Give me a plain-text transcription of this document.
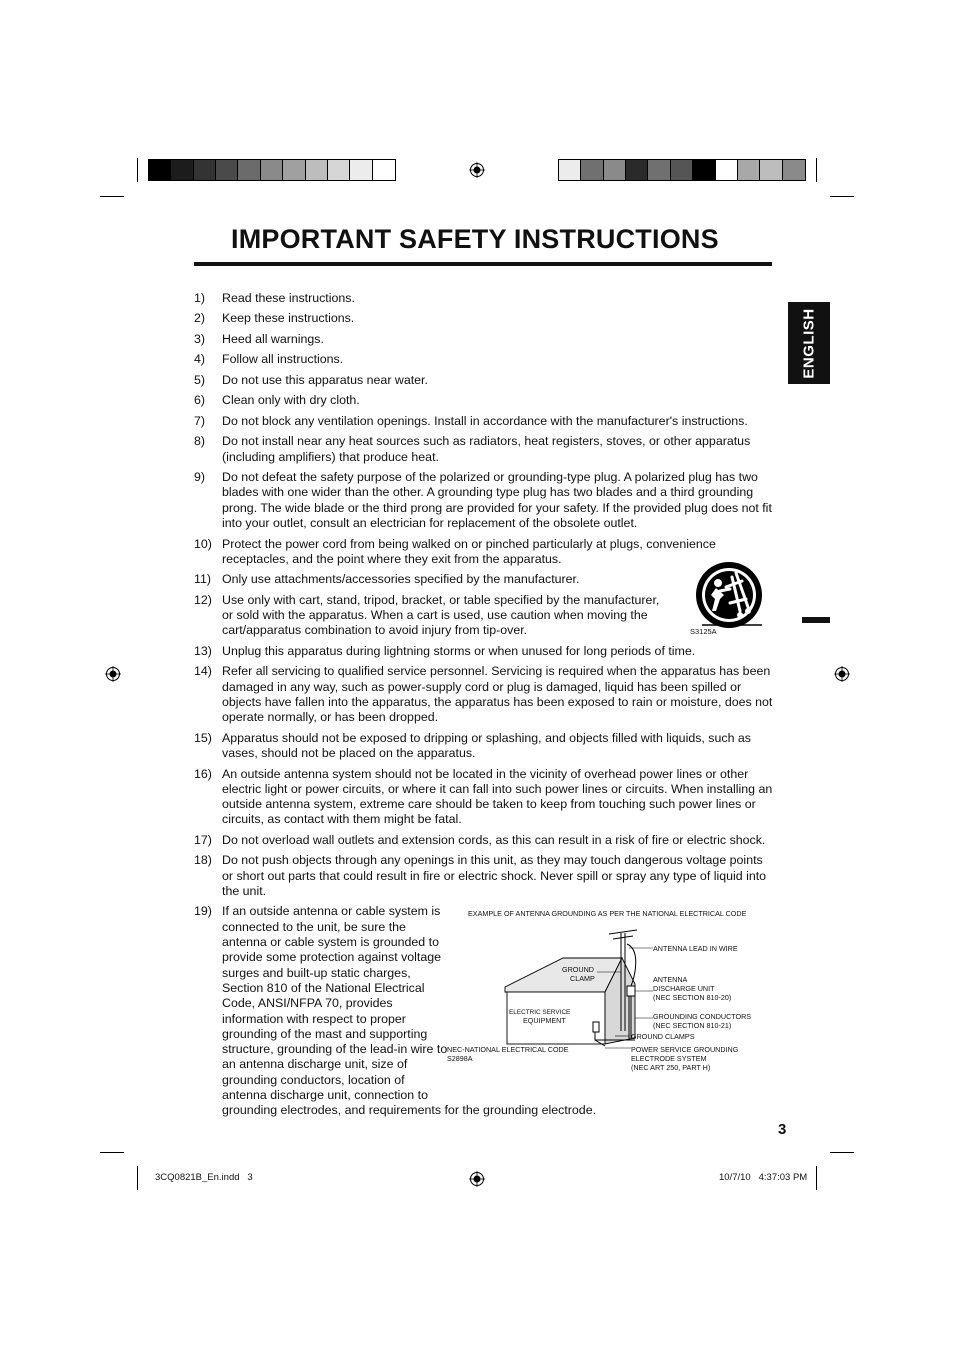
IMPORTANT SAFETY INSTRUCTIONS
ENGLISH
1)	Read these instructions.
2)	Keep these instructions.
3)	Heed all warnings.
4)	Follow all instructions.
5)	Do not use this apparatus near water.
6)	Clean only with dry cloth.
7)	Do not block any ventilation openings. Install in accordance with the manufacturer's instructions.
8)	Do not install near any heat sources such as radiators, heat registers, stoves, or other apparatus (including amplifiers) that produce heat.
9)	Do not defeat the safety purpose of the polarized or grounding-type plug. A polarized plug has two blades with one wider than the other. A grounding type plug has two blades and a third grounding prong. The wide blade or the third prong are provided for your safety. If the provided plug does not fit into your outlet, consult an electrician for replacement of the obsolete outlet.
10) Protect the power cord from being walked on or pinched particularly at plugs, convenience receptacles, and the point where they exit from the apparatus.
11) Only use attachments/accessories specified by the manufacturer.
12) Use only with cart, stand, tripod, bracket, or table specified by the manufacturer, or sold with the apparatus. When a cart is used, use caution when moving the cart/apparatus combination to avoid injury from tip-over.
13) Unplug this apparatus during lightning storms or when unused for long periods of time.
14) Refer all servicing to qualified service personnel. Servicing is required when the apparatus has been damaged in any way, such as power-supply cord or plug is damaged, liquid has been spilled or objects have fallen into the apparatus, the apparatus has been exposed to rain or moisture, does not operate normally, or has been dropped.
15) Apparatus should not be exposed to dripping or splashing, and objects filled with liquids, such as vases, should not be placed on the apparatus.
16) An outside antenna system should not be located in the vicinity of overhead power lines or other electric light or power circuits, or where it can fall into such power lines or circuits. When installing an outside antenna system, extreme care should be taken to keep from touching such power lines or circuits, as contact with them might be fatal.
17) Do not overload wall outlets and extension cords, as this can result in a risk of fire or electric shock.
18) Do not push objects through any openings in this unit, as they may touch dangerous voltage points or short out parts that could result in fire or electric shock. Never spill or spray any type of liquid into the unit.
19) If an outside antenna or cable system is connected to the unit, be sure the antenna or cable system is grounded to provide some protection against voltage surges and built-up static charges, Section 810 of the National Electrical Code, ANSI/NFPA 70, provides information with respect to proper grounding of the mast and supporting structure, grounding of the lead-in wire to an antenna discharge unit, size of grounding conductors, location of antenna discharge unit, connection to
grounding electrodes, and requirements for the grounding electrode.
S3125A
EXAMPLE OF ANTENNA GROUNDING AS PER THE NATIONAL ELECTRICAL CODE
ANTENNA LEAD IN WIRE
GROUND
CLAMP	ANTENNA
DISCHARGE UNIT
(NEC SECTION 810-20)
ELECTRIC SERVICE
EQUIPMENT	GROUNDING CONDUCTORS
(NEC SECTION 810-21)
GROUND CLAMPS
NEC-NATIONAL ELECTRICAL CODE
S2898A
POWER SERVICE GROUNDING
ELECTRODE SYSTEM
(NEC ART 250, PART H)
3
3CQ0821B_En.indd   3	10/7/10   4:37:03 PM
